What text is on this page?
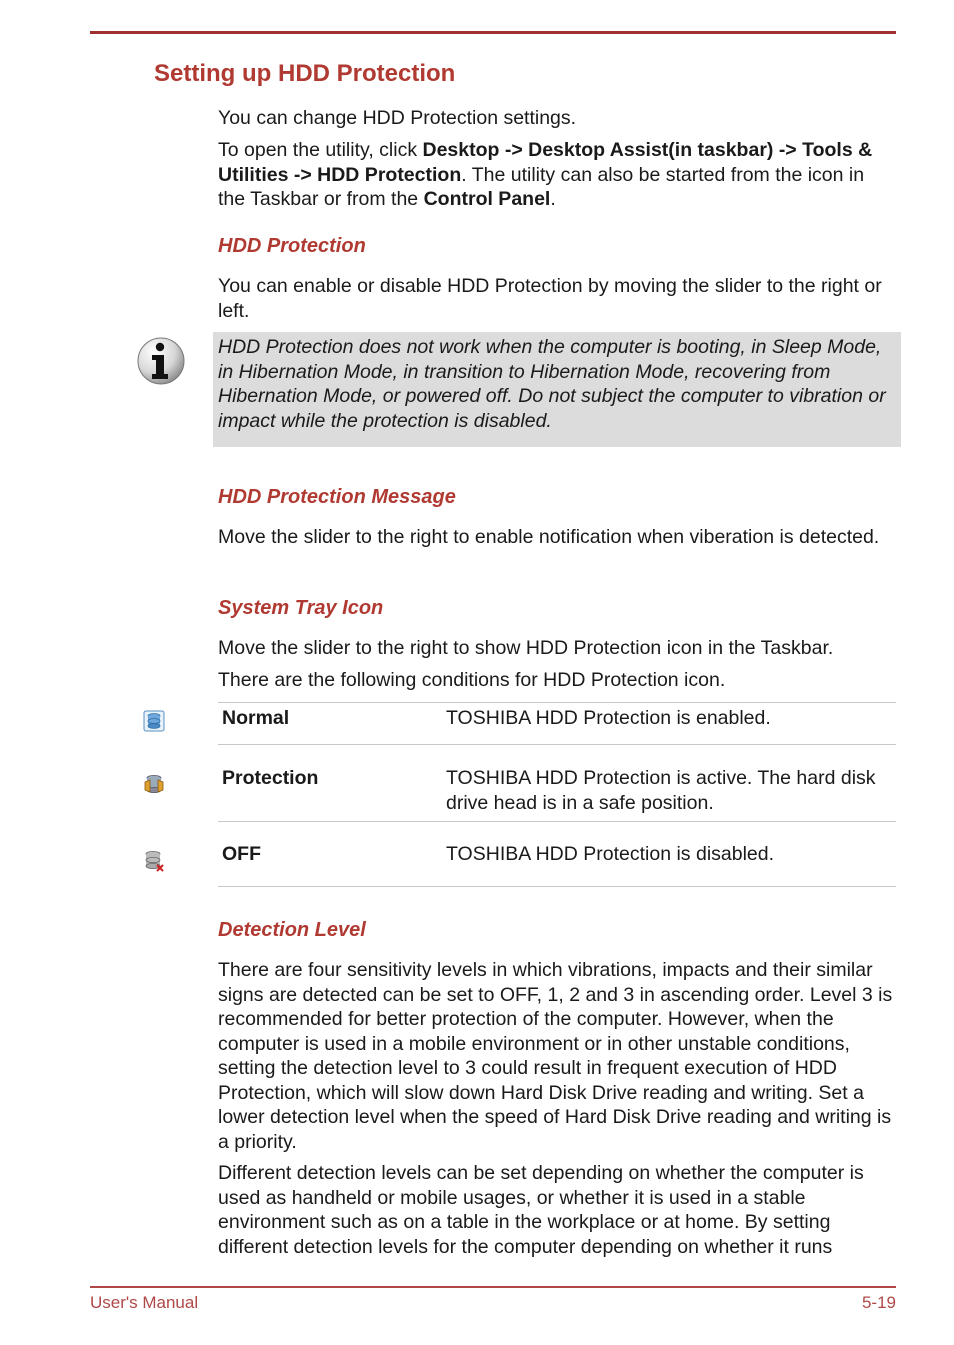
Setting up HDD Protection

You can change HDD Protection settings.

To open the utility, click Desktop -> Desktop Assist(in taskbar) -> Tools & Utilities -> HDD Protection. The utility can also be started from the icon in the Taskbar or from the Control Panel.

HDD Protection

You can enable or disable HDD Protection by moving the slider to the right or left.

HDD Protection does not work when the computer is booting, in Sleep Mode, in Hibernation Mode, in transition to Hibernation Mode, recovering from Hibernation Mode, or powered off. Do not subject the computer to vibration or impact while the protection is disabled.
HDD Protection Message

Move the slider to the right to enable notification when viberation is detected.

System Tray Icon

Move the slider to the right to show HDD Protection icon in the Taskbar.

There are the following conditions for HDD Protection icon.

Normal	TOSHIBA HDD Protection is enabled.
Protection	TOSHIBA HDD Protection is active. The hard disk drive head is in a safe position.
OFF	TOSHIBA HDD Protection is disabled.
Detection Level

There are four sensitivity levels in which vibrations, impacts and their similar signs are detected can be set to OFF, 1, 2 and 3 in ascending order. Level 3 is recommended for better protection of the computer. However, when the computer is used in a mobile environment or in other unstable conditions, setting the detection level to 3 could result in frequent execution of HDD Protection, which will slow down Hard Disk Drive reading and writing. Set a lower detection level when the speed of Hard Disk Drive reading and writing is a priority.

Different detection levels can be set depending on whether the computer is used as handheld or mobile usages, or whether it is used in a stable environment such as on a table in the workplace or at home. By setting different detection levels for the computer depending on whether it runs

User's Manual	5-19
